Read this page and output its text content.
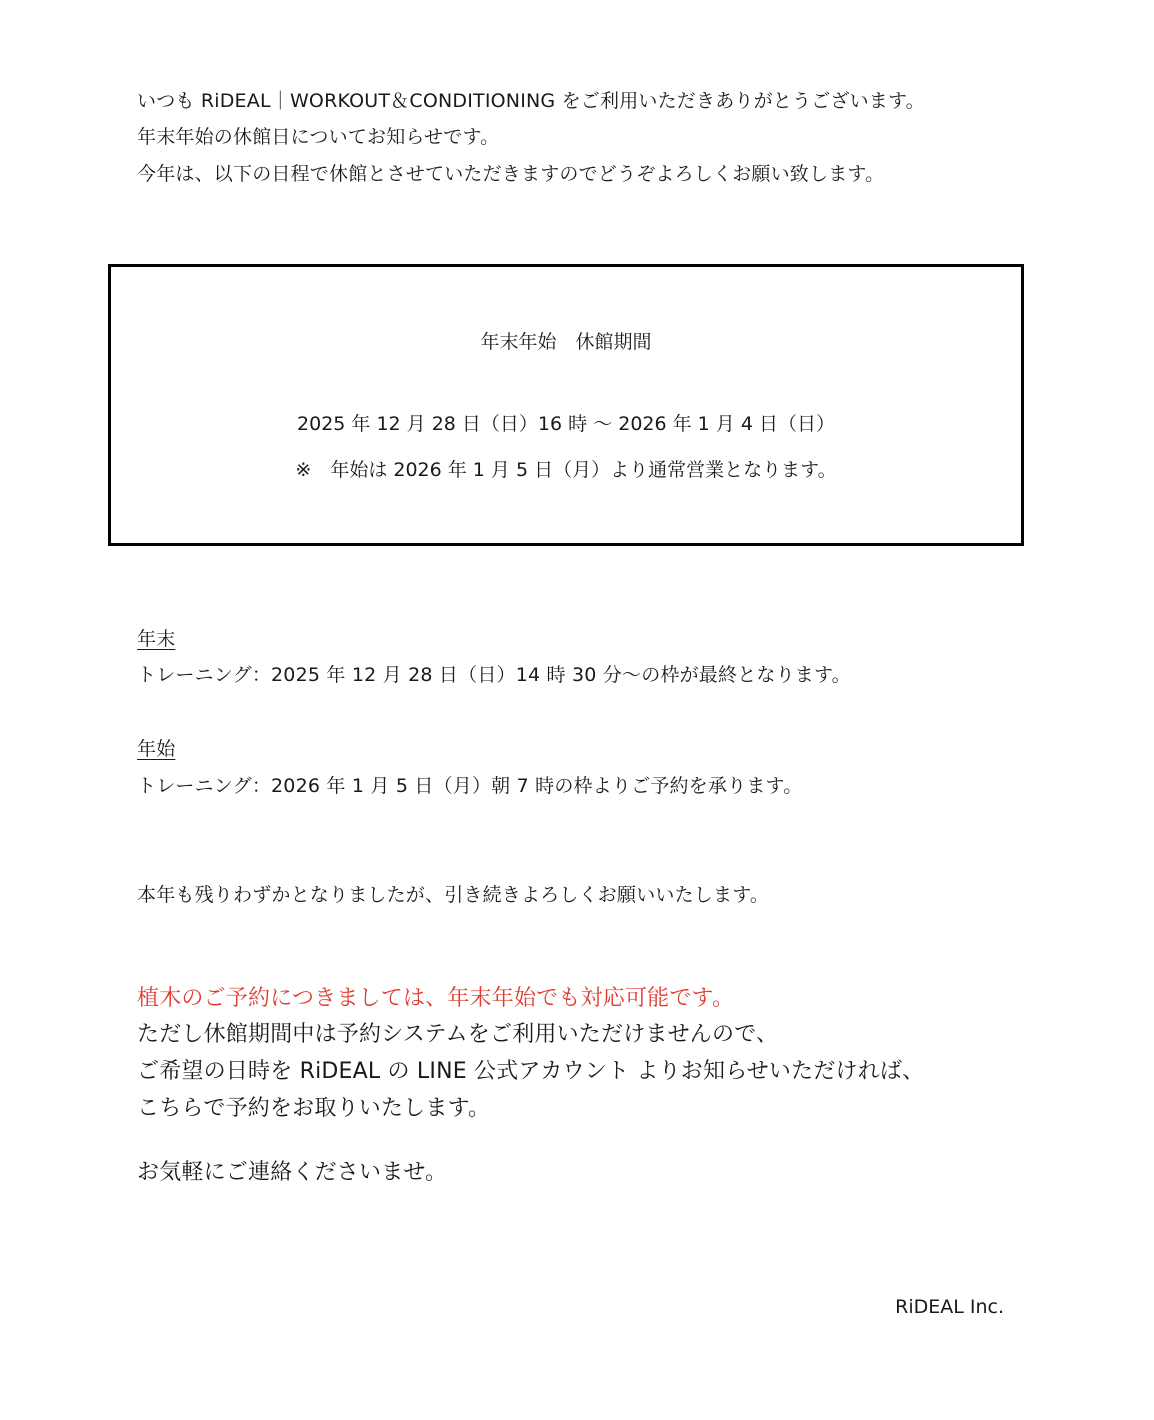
いつも RiDEAL｜WORKOUT＆CONDITIONING をご利用いただきありがとうございます。
年末年始の休館日についてお知らせです。
今年は、以下の日程で休館とさせていただきますのでどうぞよろしくお願い致します。
年末年始　休館期間
2025 年 12 月 28 日（日）16 時 〜 2026 年 1 月 4 日（日）
※　年始は 2026 年 1 月 5 日（月）より通常営業となります。
年末
トレーニング：2025 年 12 月 28 日（日）14 時 30 分〜の枠が最終となります。
年始
トレーニング：2026 年 1 月 5 日（月）朝 7 時の枠よりご予約を承ります。
本年も残りわずかとなりましたが、引き続きよろしくお願いいたします。
植木のご予約につきましては、年末年始でも対応可能です。
ただし休館期間中は予約システムをご利用いただけませんので、
ご希望の日時を RiDEAL の LINE 公式アカウント よりお知らせいただければ、
こちらで予約をお取りいたします。
お気軽にご連絡くださいませ。
RiDEAL Inc.
